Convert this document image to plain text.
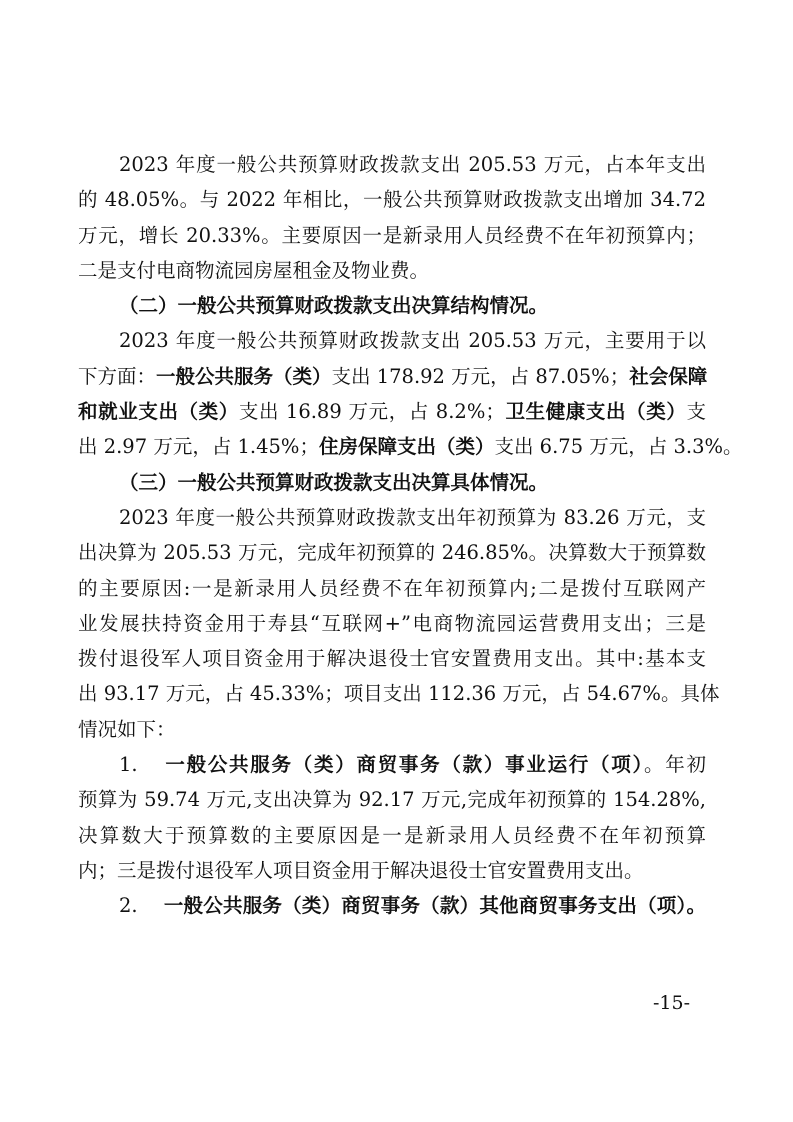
2023 年度一般公共预算财政拨款支出 205.53 万元，占本年支出
的 48.05%。与 2022 年相比，一般公共预算财政拨款支出增加 34.72
万元，增长 20.33%。主要原因一是新录用人员经费不在年初预算内；
二是支付电商物流园房屋租金及物业费。
（二）一般公共预算财政拨款支出决算结构情况。
2023 年度一般公共预算财政拨款支出 205.53 万元，主要用于以
下方面：一般公共服务（类）支出 178.92 万元，占 87.05%；社会保障
和就业支出（类）支出 16.89 万元，占 8.2%；卫生健康支出（类）支
出 2.97 万元，占 1.45%；住房保障支出（类）支出 6.75 万元，占 3.3%。
（三）一般公共预算财政拨款支出决算具体情况。
2023 年度一般公共预算财政拨款支出年初预算为 83.26 万元，支
出决算为 205.53 万元，完成年初预算的 246.85%。决算数大于预算数
的主要原因:一是新录用人员经费不在年初预算内;二是拨付互联网产
业发展扶持资金用于寿县“互联网+”电商物流园运营费用支出；三是
拨付退役军人项目资金用于解决退役士官安置费用支出。其中:基本支
出 93.17 万元，占 45.33%；项目支出 112.36 万元，占 54.67%。具体
情况如下：
1. 一般公共服务（类）商贸事务（款）事业运行（项）。年初
预算为 59.74 万元,支出决算为 92.17 万元,完成年初预算的 154.28%,
决算数大于预算数的主要原因是一是新录用人员经费不在年初预算
内；三是拨付退役军人项目资金用于解决退役士官安置费用支出。
2. 一般公共服务（类）商贸事务（款）其他商贸事务支出（项）。
-15-
